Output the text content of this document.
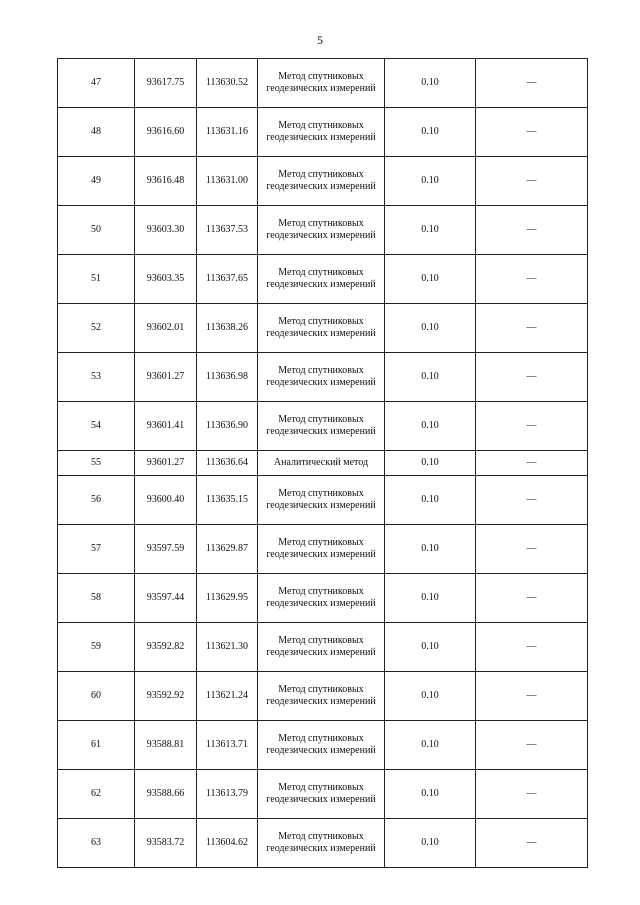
5
47	93617.75	113630.52	Метод спутниковых геодезических измерений	0.10	—
48	93616.60	113631.16	Метод спутниковых геодезических измерений	0.10	—
49	93616.48	113631.00	Метод спутниковых геодезических измерений	0.10	—
50	93603.30	113637.53	Метод спутниковых геодезических измерений	0.10	—
51	93603.35	113637.65	Метод спутниковых геодезических измерений	0.10	—
52	93602.01	113638.26	Метод спутниковых геодезических измерений	0.10	—
53	93601.27	113636.98	Метод спутниковых геодезических измерений	0.10	—
54	93601.41	113636.90	Метод спутниковых геодезических измерений	0.10	—
55	93601.27	113636.64	Аналитический метод	0.10	—
56	93600.40	113635.15	Метод спутниковых геодезических измерений	0.10	—
57	93597.59	113629.87	Метод спутниковых геодезических измерений	0.10	—
58	93597.44	113629.95	Метод спутниковых геодезических измерений	0.10	—
59	93592.82	113621.30	Метод спутниковых геодезических измерений	0.10	—
60	93592.92	113621.24	Метод спутниковых геодезических измерений	0.10	—
61	93588.81	113613.71	Метод спутниковых геодезических измерений	0.10	—
62	93588.66	113613.79	Метод спутниковых геодезических измерений	0.10	—
63	93583.72	113604.62	Метод спутниковых геодезических измерений	0.10	—
